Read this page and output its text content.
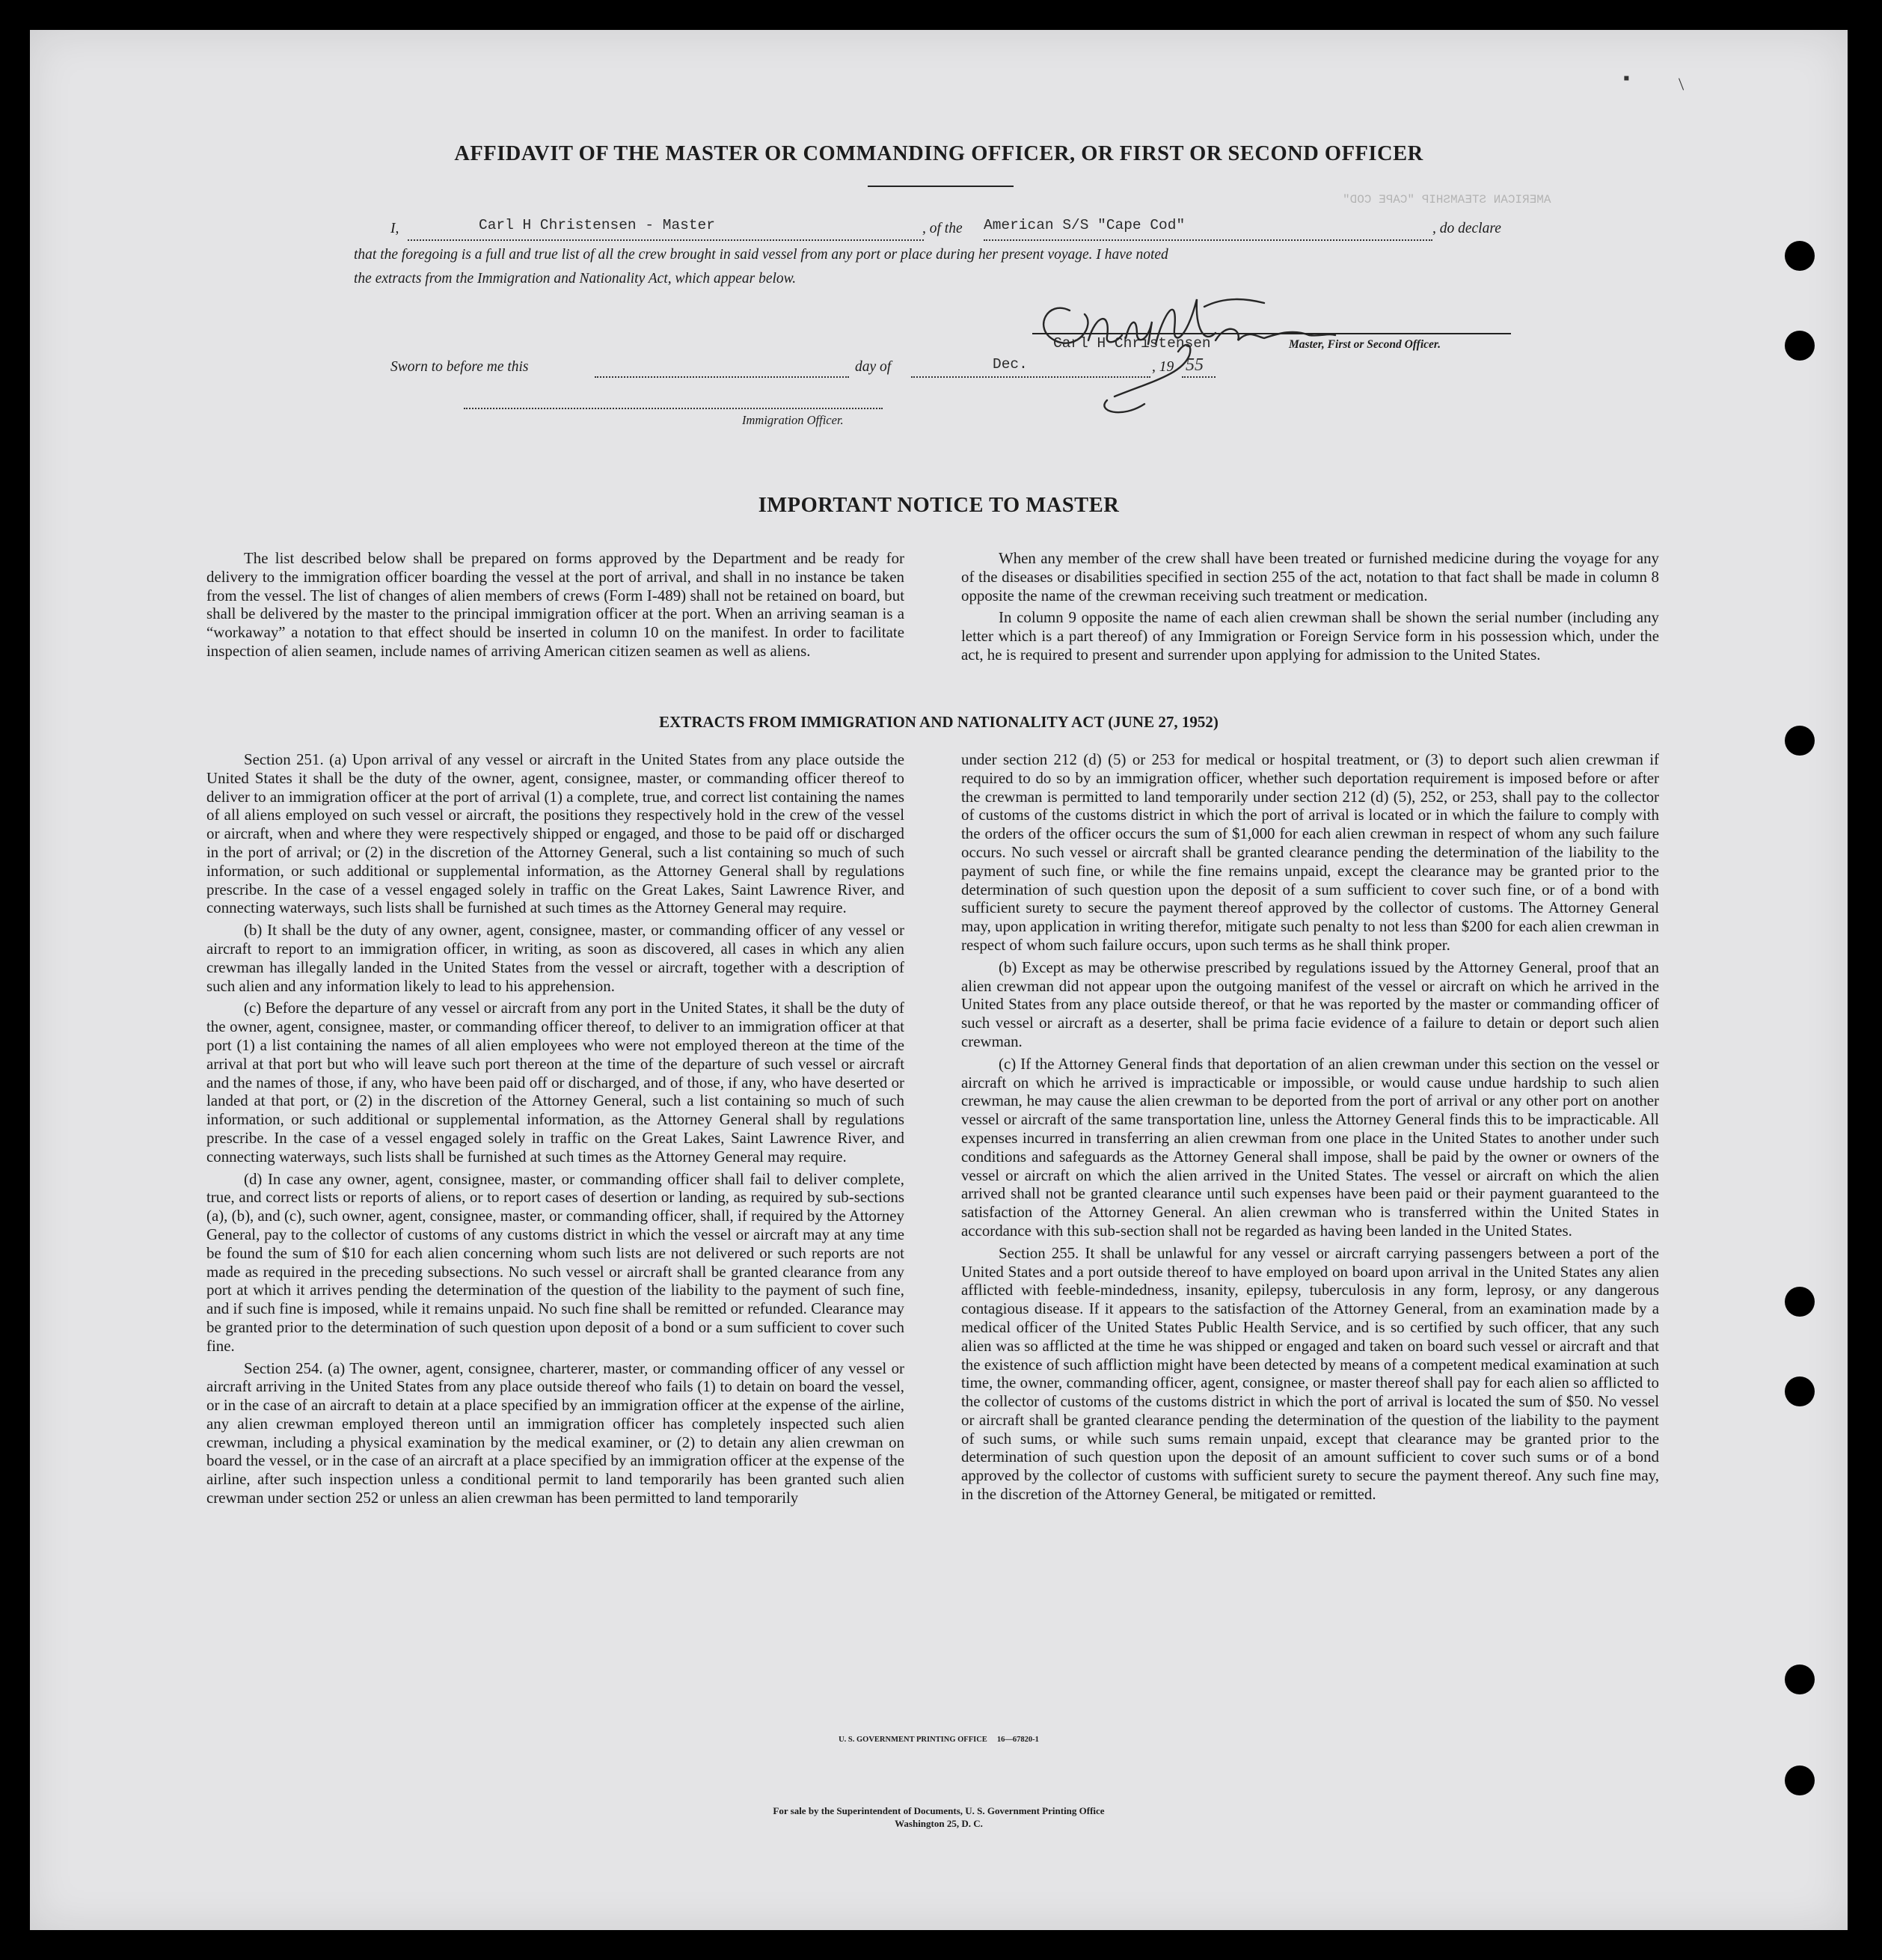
▪ /
AMERICAN STEAMSHIP "CAPE COD"
AFFIDAVIT OF THE MASTER OR COMMANDING OFFICER, OR FIRST OR SECOND OFFICER
I,	Carl H Christensen - Master	, of the American S/S "Cape Cod"	, do declare
that the foregoing is a full and true list of all the crew brought in said vessel from any port or place during her present voyage. I have noted
the extracts from the Immigration and Nationality Act, which appear below.
Carl H Christensen	Master, First or Second Officer.
Sworn to before me this	day of	Dec.	, 19 55
Immigration Officer.
IMPORTANT NOTICE TO MASTER

The list described below shall be prepared on forms approved by the Department and be ready for delivery to the immigration officer boarding the vessel at the port of arrival, and shall in no instance be taken from the vessel. The list of changes of alien members of crews (Form I-489) shall not be retained on board, but shall be delivered by the master to the principal immigration officer at the port. When an arriving seaman is a “workaway” a notation to that effect should be inserted in column 10 on the manifest. In order to facilitate inspection of alien seamen, include names of arriving American citizen seamen as well as aliens.

When any member of the crew shall have been treated or furnished medicine during the voyage for any of the diseases or disabilities specified in section 255 of the act, notation to that fact shall be made in column 8 opposite the name of the crewman receiving such treatment or medication.

In column 9 opposite the name of each alien crewman shall be shown the serial number (including any letter which is a part thereof) of any Immigration or Foreign Service form in his possession which, under the act, he is required to present and surrender upon applying for admission to the United States.

EXTRACTS FROM IMMIGRATION AND NATIONALITY ACT (JUNE 27, 1952)

Section 251. (a) Upon arrival of any vessel or aircraft in the United States from any place outside the United States it shall be the duty of the owner, agent, consignee, master, or commanding officer thereof to deliver to an immigration officer at the port of arrival (1) a complete, true, and correct list containing the names of all aliens employed on such vessel or aircraft, the positions they respectively hold in the crew of the vessel or aircraft, when and where they were respectively shipped or engaged, and those to be paid off or discharged in the port of arrival; or (2) in the discretion of the Attorney General, such a list containing so much of such information, or such additional or supplemental information, as the Attorney General shall by regulations prescribe. In the case of a vessel engaged solely in traffic on the Great Lakes, Saint Lawrence River, and connecting waterways, such lists shall be furnished at such times as the Attorney General may require.

(b) It shall be the duty of any owner, agent, consignee, master, or commanding officer of any vessel or aircraft to report to an immigration officer, in writing, as soon as discovered, all cases in which any alien crewman has illegally landed in the United States from the vessel or aircraft, together with a description of such alien and any information likely to lead to his apprehension.

(c) Before the departure of any vessel or aircraft from any port in the United States, it shall be the duty of the owner, agent, consignee, master, or commanding officer thereof, to deliver to an immigration officer at that port (1) a list containing the names of all alien employees who were not employed thereon at the time of the arrival at that port but who will leave such port thereon at the time of the departure of such vessel or aircraft and the names of those, if any, who have been paid off or discharged, and of those, if any, who have deserted or landed at that port, or (2) in the discretion of the Attorney General, such a list containing so much of such information, or such additional or supplemental information, as the Attorney General shall by regulations prescribe. In the case of a vessel engaged solely in traffic on the Great Lakes, Saint Lawrence River, and connecting waterways, such lists shall be furnished at such times as the Attorney General may require.

(d) In case any owner, agent, consignee, master, or commanding officer shall fail to deliver complete, true, and correct lists or reports of aliens, or to report cases of desertion or landing, as required by sub-sections (a), (b), and (c), such owner, agent, consignee, master, or commanding officer, shall, if required by the Attorney General, pay to the collector of customs of any customs district in which the vessel or aircraft may at any time be found the sum of $10 for each alien concerning whom such lists are not delivered or such reports are not made as required in the preceding subsections. No such vessel or aircraft shall be granted clearance from any port at which it arrives pending the determination of the question of the liability to the payment of such fine, and if such fine is imposed, while it remains unpaid. No such fine shall be remitted or refunded. Clearance may be granted prior to the determination of such question upon deposit of a bond or a sum sufficient to cover such fine.

Section 254. (a) The owner, agent, consignee, charterer, master, or commanding officer of any vessel or aircraft arriving in the United States from any place outside thereof who fails (1) to detain on board the vessel, or in the case of an aircraft to detain at a place specified by an immigration officer at the expense of the airline, any alien crewman employed thereon until an immigration officer has completely inspected such alien crewman, including a physical examination by the medical examiner, or (2) to detain any alien crewman on board the vessel, or in the case of an aircraft at a place specified by an immigration officer at the expense of the airline, after such inspection unless a conditional permit to land temporarily has been granted such alien crewman under section 252 or unless an alien crewman has been permitted to land temporarily

under section 212 (d) (5) or 253 for medical or hospital treatment, or (3) to deport such alien crewman if required to do so by an immigration officer, whether such deportation requirement is imposed before or after the crewman is permitted to land temporarily under section 212 (d) (5), 252, or 253, shall pay to the collector of customs of the customs district in which the port of arrival is located or in which the failure to comply with the orders of the officer occurs the sum of $1,000 for each alien crewman in respect of whom any such failure occurs. No such vessel or aircraft shall be granted clearance pending the determination of the liability to the payment of such fine, or while the fine remains unpaid, except the clearance may be granted prior to the determination of such question upon the deposit of a sum sufficient to cover such fine, or of a bond with sufficient surety to secure the payment thereof approved by the collector of customs. The Attorney General may, upon application in writing therefor, mitigate such penalty to not less than $200 for each alien crewman in respect of whom such failure occurs, upon such terms as he shall think proper.

(b) Except as may be otherwise prescribed by regulations issued by the Attorney General, proof that an alien crewman did not appear upon the outgoing manifest of the vessel or aircraft on which he arrived in the United States from any place outside thereof, or that he was reported by the master or commanding officer of such vessel or aircraft as a deserter, shall be prima facie evidence of a failure to detain or deport such alien crewman.

(c) If the Attorney General finds that deportation of an alien crewman under this section on the vessel or aircraft on which he arrived is impracticable or impossible, or would cause undue hardship to such alien crewman, he may cause the alien crewman to be deported from the port of arrival or any other port on another vessel or aircraft of the same transportation line, unless the Attorney General finds this to be impracticable. All expenses incurred in transferring an alien crewman from one place in the United States to another under such conditions and safeguards as the Attorney General shall impose, shall be paid by the owner or owners of the vessel or aircraft on which the alien arrived in the United States. The vessel or aircraft on which the alien arrived shall not be granted clearance until such expenses have been paid or their payment guaranteed to the satisfaction of the Attorney General. An alien crewman who is transferred within the United States in accordance with this sub-section shall not be regarded as having been landed in the United States.

Section 255. It shall be unlawful for any vessel or aircraft carrying passengers between a port of the United States and a port outside thereof to have employed on board upon arrival in the United States any alien afflicted with feeble-mindedness, insanity, epilepsy, tuberculosis in any form, leprosy, or any dangerous contagious disease. If it appears to the satisfaction of the Attorney General, from an examination made by a medical officer of the United States Public Health Service, and is so certified by such officer, that any such alien was so afflicted at the time he was shipped or engaged and taken on board such vessel or aircraft and that the existence of such affliction might have been detected by means of a competent medical examination at such time, the owner, commanding officer, agent, consignee, or master thereof shall pay for each alien so afflicted to the collector of customs of the customs district in which the port of arrival is located the sum of $50. No vessel or aircraft shall be granted clearance pending the determination of the question of the liability to the payment of such sums, or while such sums remain unpaid, except that clearance may be granted prior to the determination of such question upon the deposit of an amount sufficient to cover such sums or of a bond approved by the collector of customs with sufficient surety to secure the payment thereof. Any such fine may, in the discretion of the Attorney General, be mitigated or remitted.

U. S. GOVERNMENT PRINTING OFFICE     16—67820-1
For sale by the Superintendent of Documents, U. S. Government Printing Office
Washington 25, D. C.
